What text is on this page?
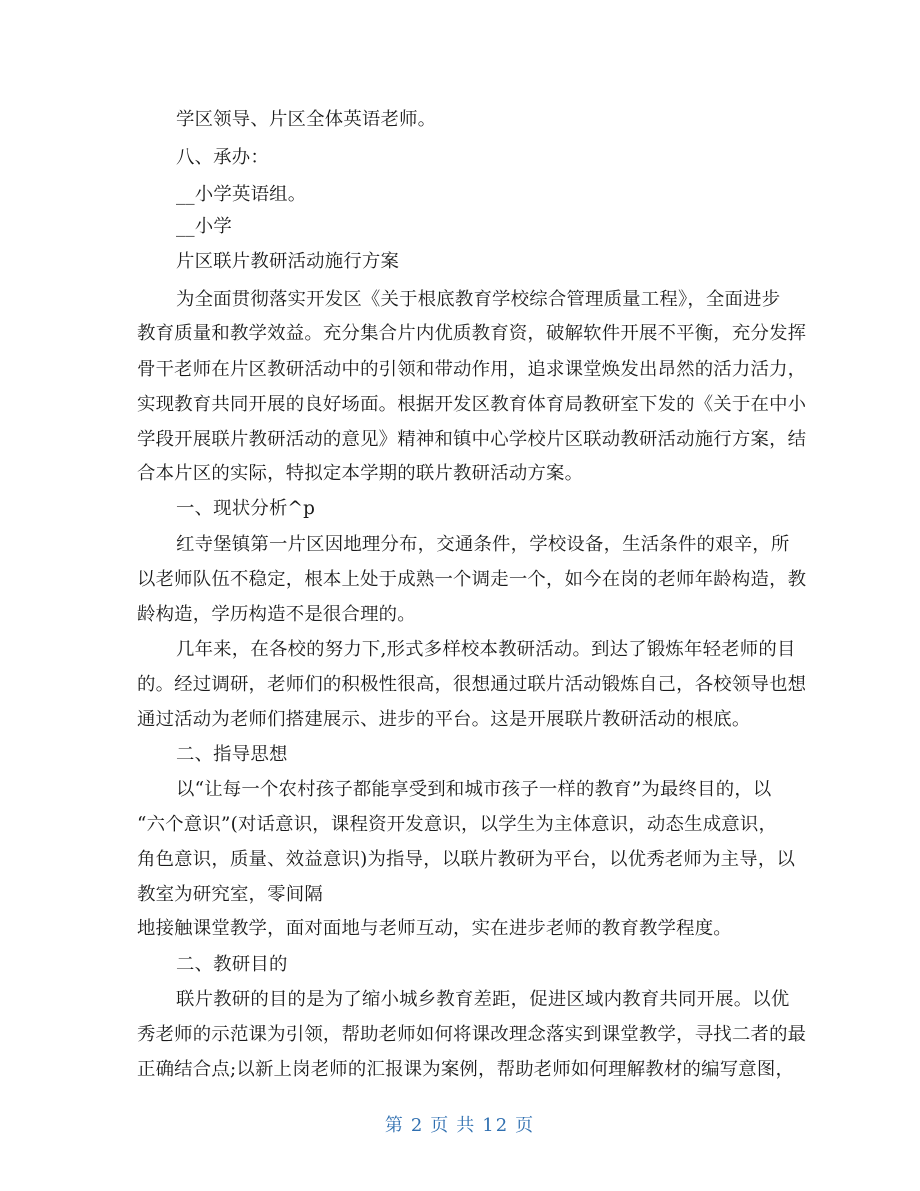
学区领导、片区全体英语老师。
八、承办：
__小学英语组。
__小学
片区联片教研活动施行方案
为全面贯彻落实开发区《关于根底教育学校综合管理质量工程》，全面进步
教育质量和教学效益。充分集合片内优质教育资，破解软件开展不平衡，充分发挥
骨干老师在片区教研活动中的引领和带动作用，追求课堂焕发出昂然的活力活力，
实现教育共同开展的良好场面。根据开发区教育体育局教研室下发的《关于在中小
学段开展联片教研活动的意见》精神和镇中心学校片区联动教研活动施行方案，结
合本片区的实际，特拟定本学期的联片教研活动方案。
一、现状分析^p
红寺堡镇第一片区因地理分布，交通条件，学校设备，生活条件的艰辛，所
以老师队伍不稳定，根本上处于成熟一个调走一个，如今在岗的老师年龄构造，教
龄构造，学历构造不是很合理的。
几年来，在各校的努力下,形式多样校本教研活动。到达了锻炼年轻老师的目
的。经过调研，老师们的积极性很高，很想通过联片活动锻炼自己，各校领导也想
通过活动为老师们搭建展示、进步的平台。这是开展联片教研活动的根底。
二、指导思想
以“让每一个农村孩子都能享受到和城市孩子一样的教育”为最终目的，以
“六个意识”(对话意识，课程资开发意识，以学生为主体意识，动态生成意识，
角色意识，质量、效益意识)为指导，以联片教研为平台，以优秀老师为主导，以
教室为研究室，零间隔
地接触课堂教学，面对面地与老师互动，实在进步老师的教育教学程度。
二、教研目的
联片教研的目的是为了缩小城乡教育差距，促进区域内教育共同开展。以优
秀老师的示范课为引领，帮助老师如何将课改理念落实到课堂教学，寻找二者的最
正确结合点;以新上岗老师的汇报课为案例，帮助老师如何理解教材的编写意图，
第 2 页 共 12 页
